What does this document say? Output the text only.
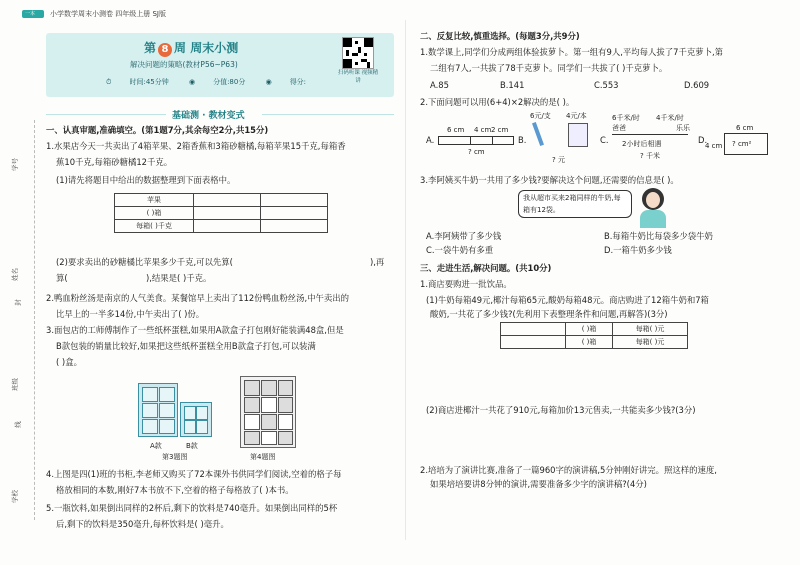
学号
姓名
封
班级
线
学校
一本 小学数学周末小测卷 四年级上册 SJ版
第 8 周 周末小测
解决问题的策略(教材P56~P63)
⏱	时间:45分钟	◉	分值:80分	◉	得分:
扫码听课 视频精讲
基础测 · 教材变式
一、认真审题,准确填空。(第1题7分,其余每空2分,共15分)
1.水果店今天一共卖出了4箱苹果、2箱香蕉和3箱砂糖橘,每箱苹果15千克,每箱香
蕉10千克,每箱砂糖橘12千克。
(1)请先将题目中给出的数据整理到下面表格中。
苹果		
( )箱		
每箱( )千克		
(2)要求卖出的砂糖橘比苹果多少千克,可以先算(	),再
算(	),结果是( )千克。
2.鸭血粉丝汤是南京的人气美食。某餐馆早上卖出了112份鸭血粉丝汤,中午卖出的
比早上的一半多14份,中午卖出了( )份。
3.面包店的工师傅制作了一些纸杯蛋糕,如果用A款盒子打包刚好能装满48盒,但是
B款包装的销量比较好,如果把这些纸杯蛋糕全用B款盒子打包,可以装满
( )盒。
A款	B款
第3题图	第4题图
4.上图是四(1)班的书柜,李老师又购买了72本课外书供同学们阅读,空着的格子每
格放相同的本数,刚好7本书放不下,空着的格子每格放了( )本书。
5.一瓶饮料,如果倒出同样的2杯后,剩下的饮料是740毫升。如果倒出同样的5杯
后,剩下的饮料是350毫升,每杯饮料是( )毫升。
二、反复比较,慎重选择。(每题3分,共9分)
1.数学课上,同学们分成两组体验拔萝卜。第一组有9人,平均每人拔了7千克萝卜,第
二组有7人,一共拔了78千克萝卜。同学们一共拔了( )千克萝卜。
A.85	B.141	C.553	D.609
2.下面问题可以用(6+4)×2解决的是( )。
A.
6 cm 4 cm 2 cm
? cm
B.
6元/支 4元/本
? 元
C.
6千米/时 4千米/时
爸爸	乐乐
2小时后相遇
? 千米
D.
6 cm
4 cm ? cm²
3.李阿姨买牛奶一共用了多少钱?要解决这个问题,还需要的信息是( )。
我从超市买来2箱同样的牛奶,每箱有12袋。
A.李阿姨带了多少钱	B.每箱牛奶比每袋多少袋牛奶
C.一袋牛奶有多重	D.一箱牛奶多少钱
三、走进生活,解决问题。(共10分)
1.商店要购进一批饮品。
(1)牛奶每箱49元,椰汁每箱65元,酸奶每箱48元。商店购进了12箱牛奶和7箱
酸奶,一共花了多少钱?(先利用下表整理条件和问题,再解答)(3分)
	( )箱	每箱( )元
	( )箱	每箱( )元
(2)商店进椰汁一共花了910元,每箱加价13元售卖,一共能卖多少钱?(3分)
2.培培为了演讲比赛,准备了一篇960字的演讲稿,5分钟刚好讲完。照这样的速度,
如果培培要讲8分钟的演讲,需要准备多少字的演讲稿?(4分)
